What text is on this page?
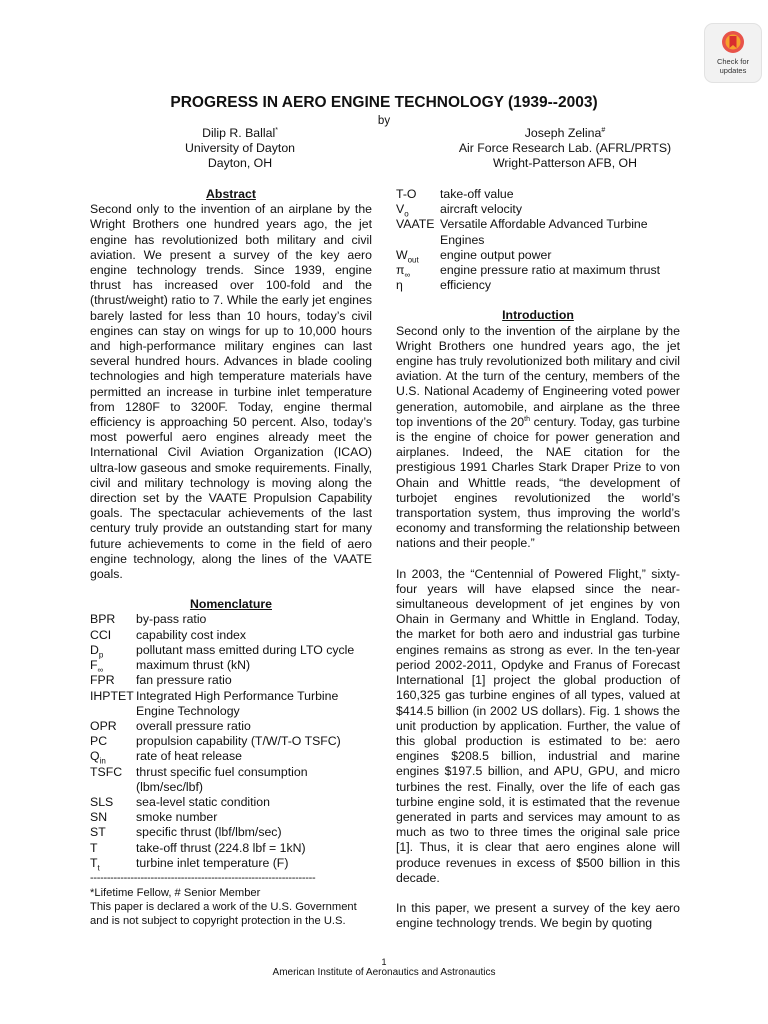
Check for
updates
PROGRESS IN AERO ENGINE TECHNOLOGY (1939--2003)
by
Dilip R. Ballal*
University of Dayton
Dayton, OH
Joseph Zelina#
Air Force Research Lab. (AFRL/PRTS)
Wright-Patterson AFB, OH
Abstract
Second only to the invention of an airplane by the Wright Brothers one hundred years ago, the jet engine has revolutionized both military and civil aviation. We present a survey of the key aero engine technology trends. Since 1939, engine thrust has increased over 100-fold and the (thrust/weight) ratio to 7. While the early jet engines barely lasted for less than 10 hours, today’s civil engines can stay on wings for up to 10,000 hours and high-performance military engines can last several hundred hours. Advances in blade cooling technologies and high temperature materials have permitted an increase in turbine inlet temperature from 1280F to 3200F. Today, engine thermal efficiency is approaching 50 percent. Also, today’s most powerful aero engines already meet the International Civil Aviation Organization (ICAO) ultra-low gaseous and smoke requirements. Finally, civil and military technology is moving along the direction set by the VAATE Propulsion Capability goals. The spectacular achievements of the last century truly provide an outstanding start for many future achievements to come in the field of aero engine technology, along the lines of the VAATE goals.
Nomenclature
BPR	by-pass ratio
CCI	capability cost index
$D_p$	pollutant mass emitted during LTO cycle
$F_\infty$	maximum thrust (kN)
FPR	fan pressure ratio
IHPTET Integrated High Performance Turbine Engine Technology
OPR	overall pressure ratio
PC	propulsion capability (T/W/T-O TSFC)
$Q_{in}$	rate of heat release
TSFC	thrust specific fuel consumption (lbm/sec/lbf)
SLS	sea-level static condition
SN	smoke number
ST	specific thrust (lbf/lbm/sec)
T	take-off thrust (224.8 lbf = 1kN)
$T_t$	turbine inlet temperature (F)
-------------------------------------------------------------------
*Lifetime Fellow, # Senior Member
This paper is declared a work of the U.S. Government and is not subject to copyright protection in the U.S.
T-O	take-off value
$V_o$	aircraft velocity
VAATE Versatile Affordable Advanced Turbine Engines
$W_{out}$	engine output power
$\pi_\infty$	engine pressure ratio at maximum thrust
η	efficiency
Introduction

Second only to the invention of the airplane by the Wright Brothers one hundred years ago, the jet engine has truly revolutionized both military and civil aviation. At the turn of the century, members of the U.S. National Academy of Engineering voted power generation, automobile, and airplane as the three top inventions of the 20th century. Today, gas turbine is the engine of choice for power generation and airplanes. Indeed, the NAE citation for the prestigious 1991 Charles Stark Draper Prize to von Ohain and Whittle reads, “the development of turbojet engines revolutionized the world’s transportation system, thus improving the world’s economy and transforming the relationship between nations and their people.”

In 2003, the “Centennial of Powered Flight,” sixty-four years will have elapsed since the near-simultaneous development of jet engines by von Ohain in Germany and Whittle in England. Today, the market for both aero and industrial gas turbine engines remains as strong as ever. In the ten-year period 2002-2011, Opdyke and Franus of Forecast International [1] project the global production of 160,325 gas turbine engines of all types, valued at $414.5 billion (in 2002 US dollars). Fig. 1 shows the unit production by application. Further, the value of this global production is estimated to be: aero engines $208.5 billion, industrial and marine engines $197.5 billion, and APU, GPU, and micro turbines the rest. Finally, over the life of each gas turbine engine sold, it is estimated that the revenue generated in parts and services may amount to as much as two to three times the original sale price [1]. Thus, it is clear that aero engines alone will produce revenues in excess of $500 billion in this decade.

In this paper, we present a survey of the key aero engine technology trends. We begin by quoting

1
American Institute of Aeronautics and Astronautics
